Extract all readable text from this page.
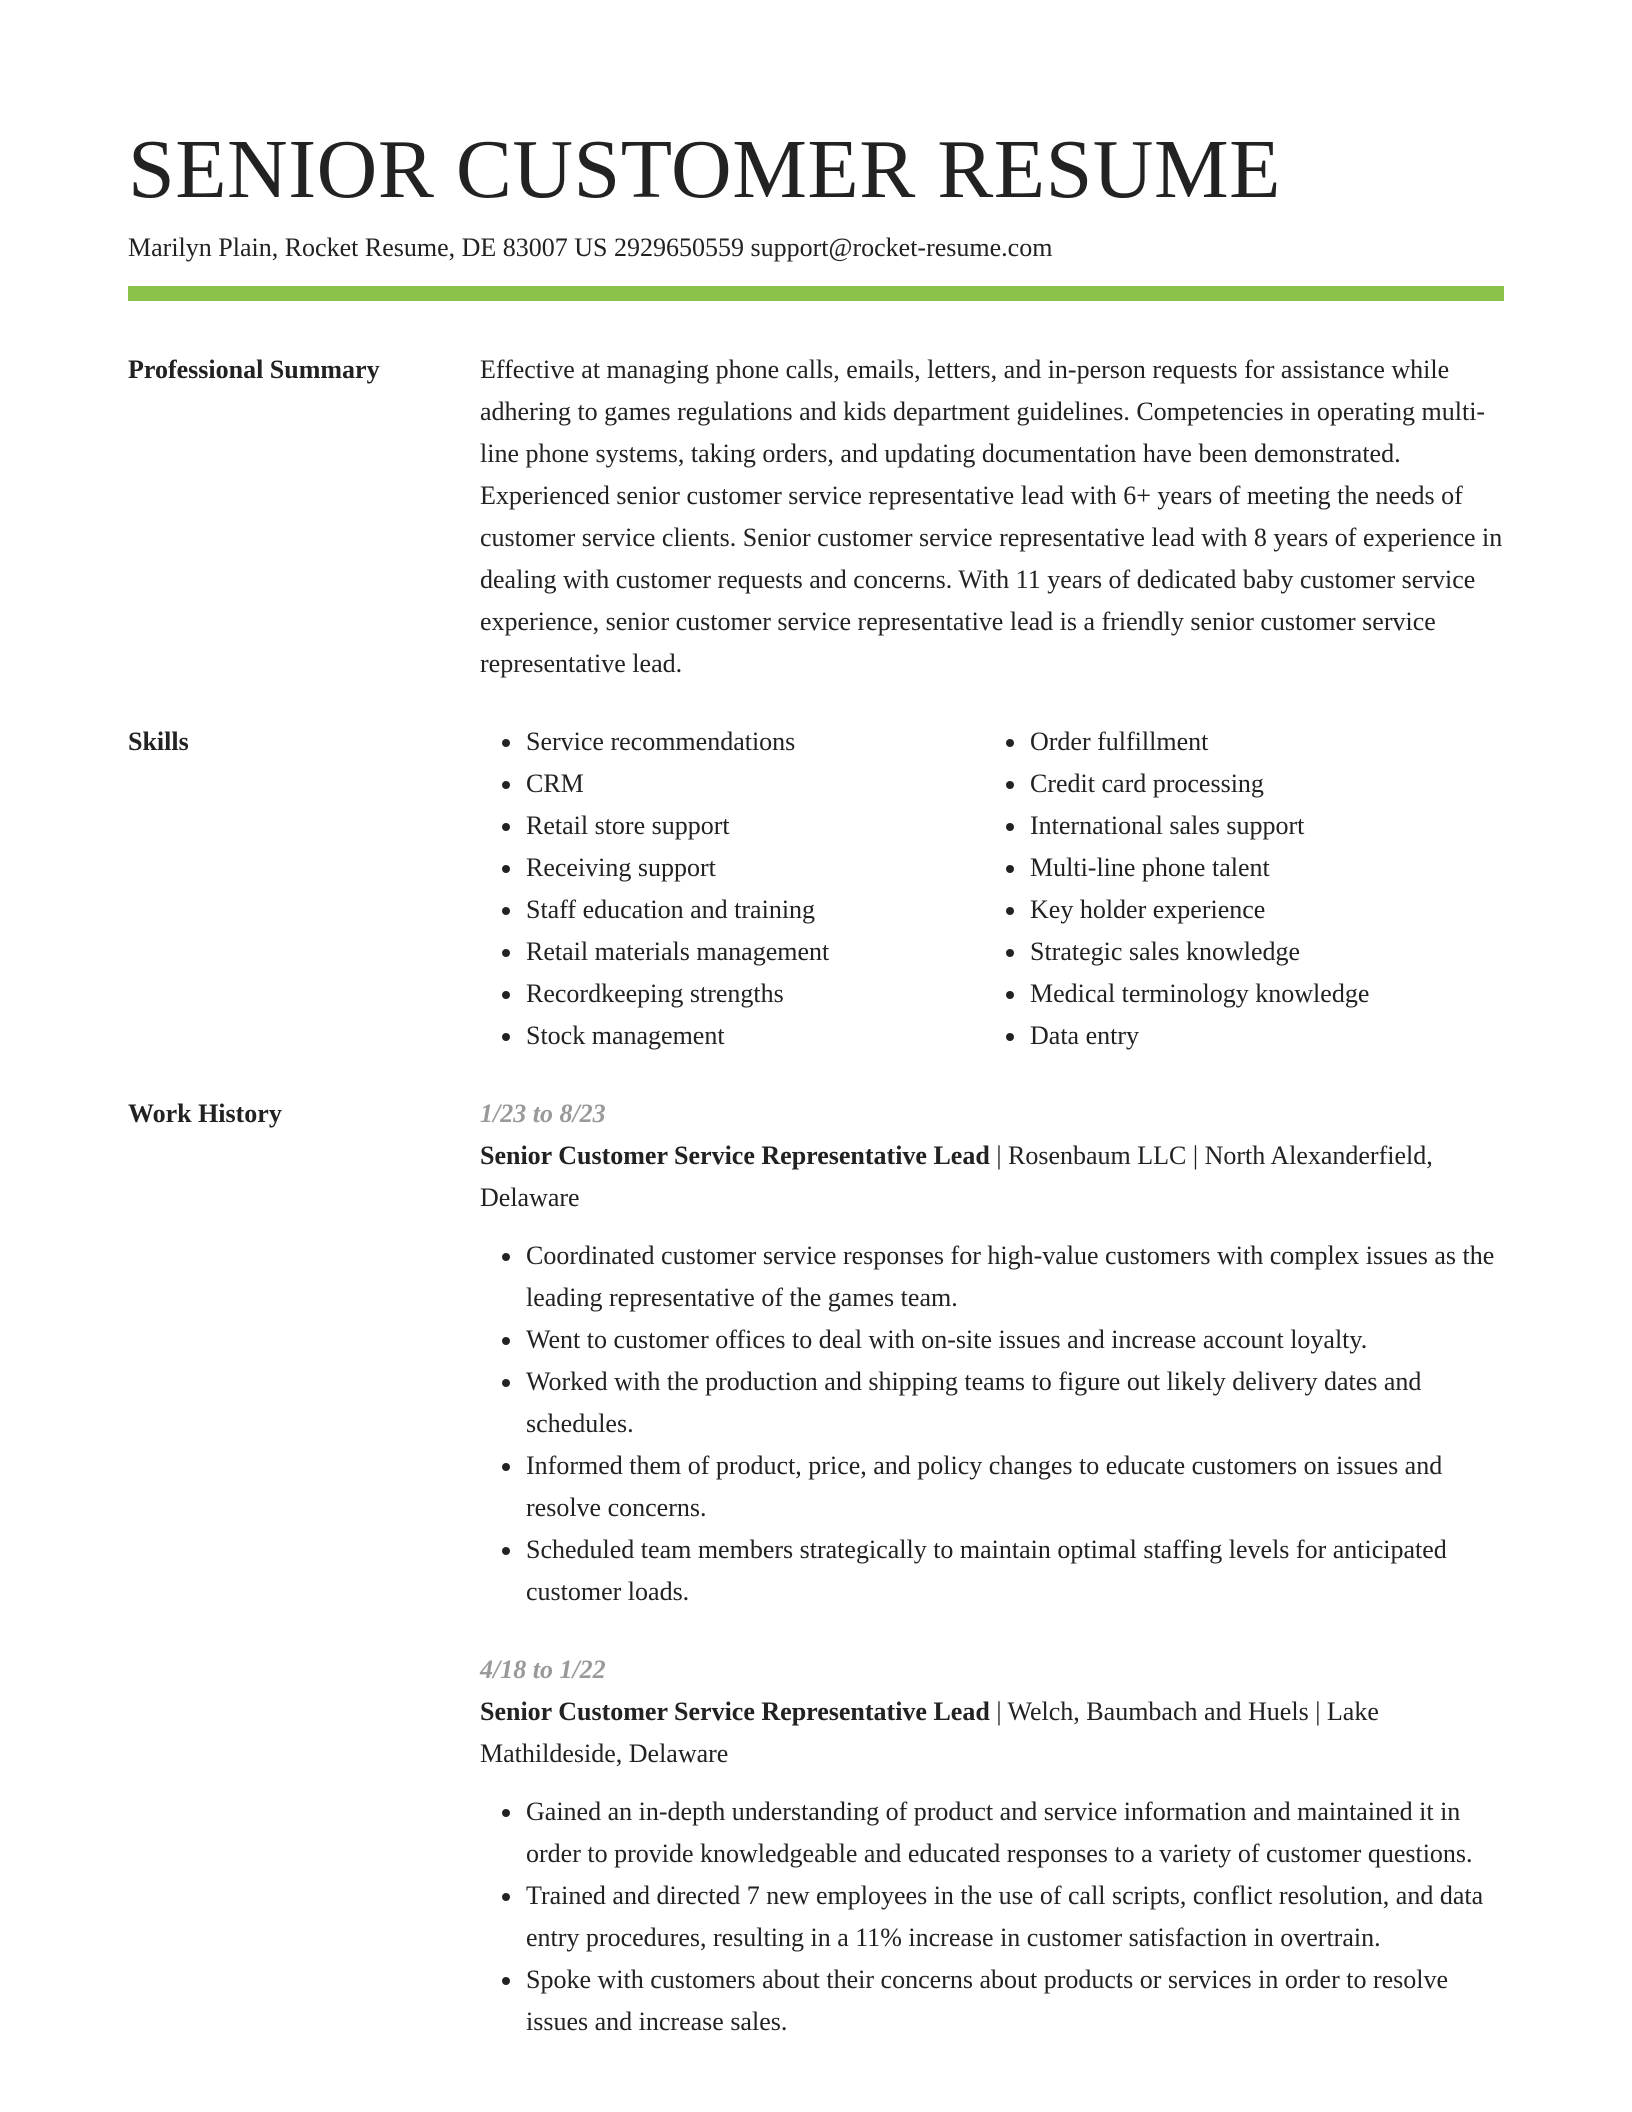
SENIOR CUSTOMER RESUME
Marilyn Plain, Rocket Resume, DE 83007 US 2929650559 support@rocket-resume.com
Professional Summary	Effective at managing phone calls, emails, letters, and in-person requests for assistance while adhering to games regulations and kids department guidelines. Competencies in operating multi-line phone systems, taking orders, and updating documentation have been demonstrated. Experienced senior customer service representative lead with 6+ years of meeting the needs of customer service clients. Senior customer service representative lead with 8 years of experience in dealing with customer requests and concerns. With 11 years of dedicated baby customer service experience, senior customer service representative lead is a friendly senior customer service representative lead.

Skills
•	Service recommendations
• CRM
• Retail store support
• Receiving support
• Staff education and training
• Retail materials management
• Recordkeeping strengths
• Stock management
• Order fulfillment
• Credit card processing
• International sales support
• Multi-line phone talent
• Key holder experience
• Strategic sales knowledge
• Medical terminology knowledge
• Data entry
Work History	1/23 to 8/23

Senior Customer Service Representative Lead | Rosenbaum LLC | North Alexanderfield, Delaware

• Coordinated customer service responses for high-value customers with complex issues as the leading representative of the games team.
• Went to customer offices to deal with on-site issues and increase account loyalty.
• Worked with the production and shipping teams to figure out likely delivery dates and schedules.
• Informed them of product, price, and policy changes to educate customers on issues and resolve concerns.
• Scheduled team members strategically to maintain optimal staffing levels for anticipated customer loads.
4/18 to 1/22

Senior Customer Service Representative Lead | Welch, Baumbach and Huels | Lake Mathildeside, Delaware

• Gained an in-depth understanding of product and service information and maintained it in order to provide knowledgeable and educated responses to a variety of customer questions.
• Trained and directed 7 new employees in the use of call scripts, conflict resolution, and data entry procedures, resulting in a 11% increase in customer satisfaction in overtrain.
• Spoke with customers about their concerns about products or services in order to resolve issues and increase sales.
